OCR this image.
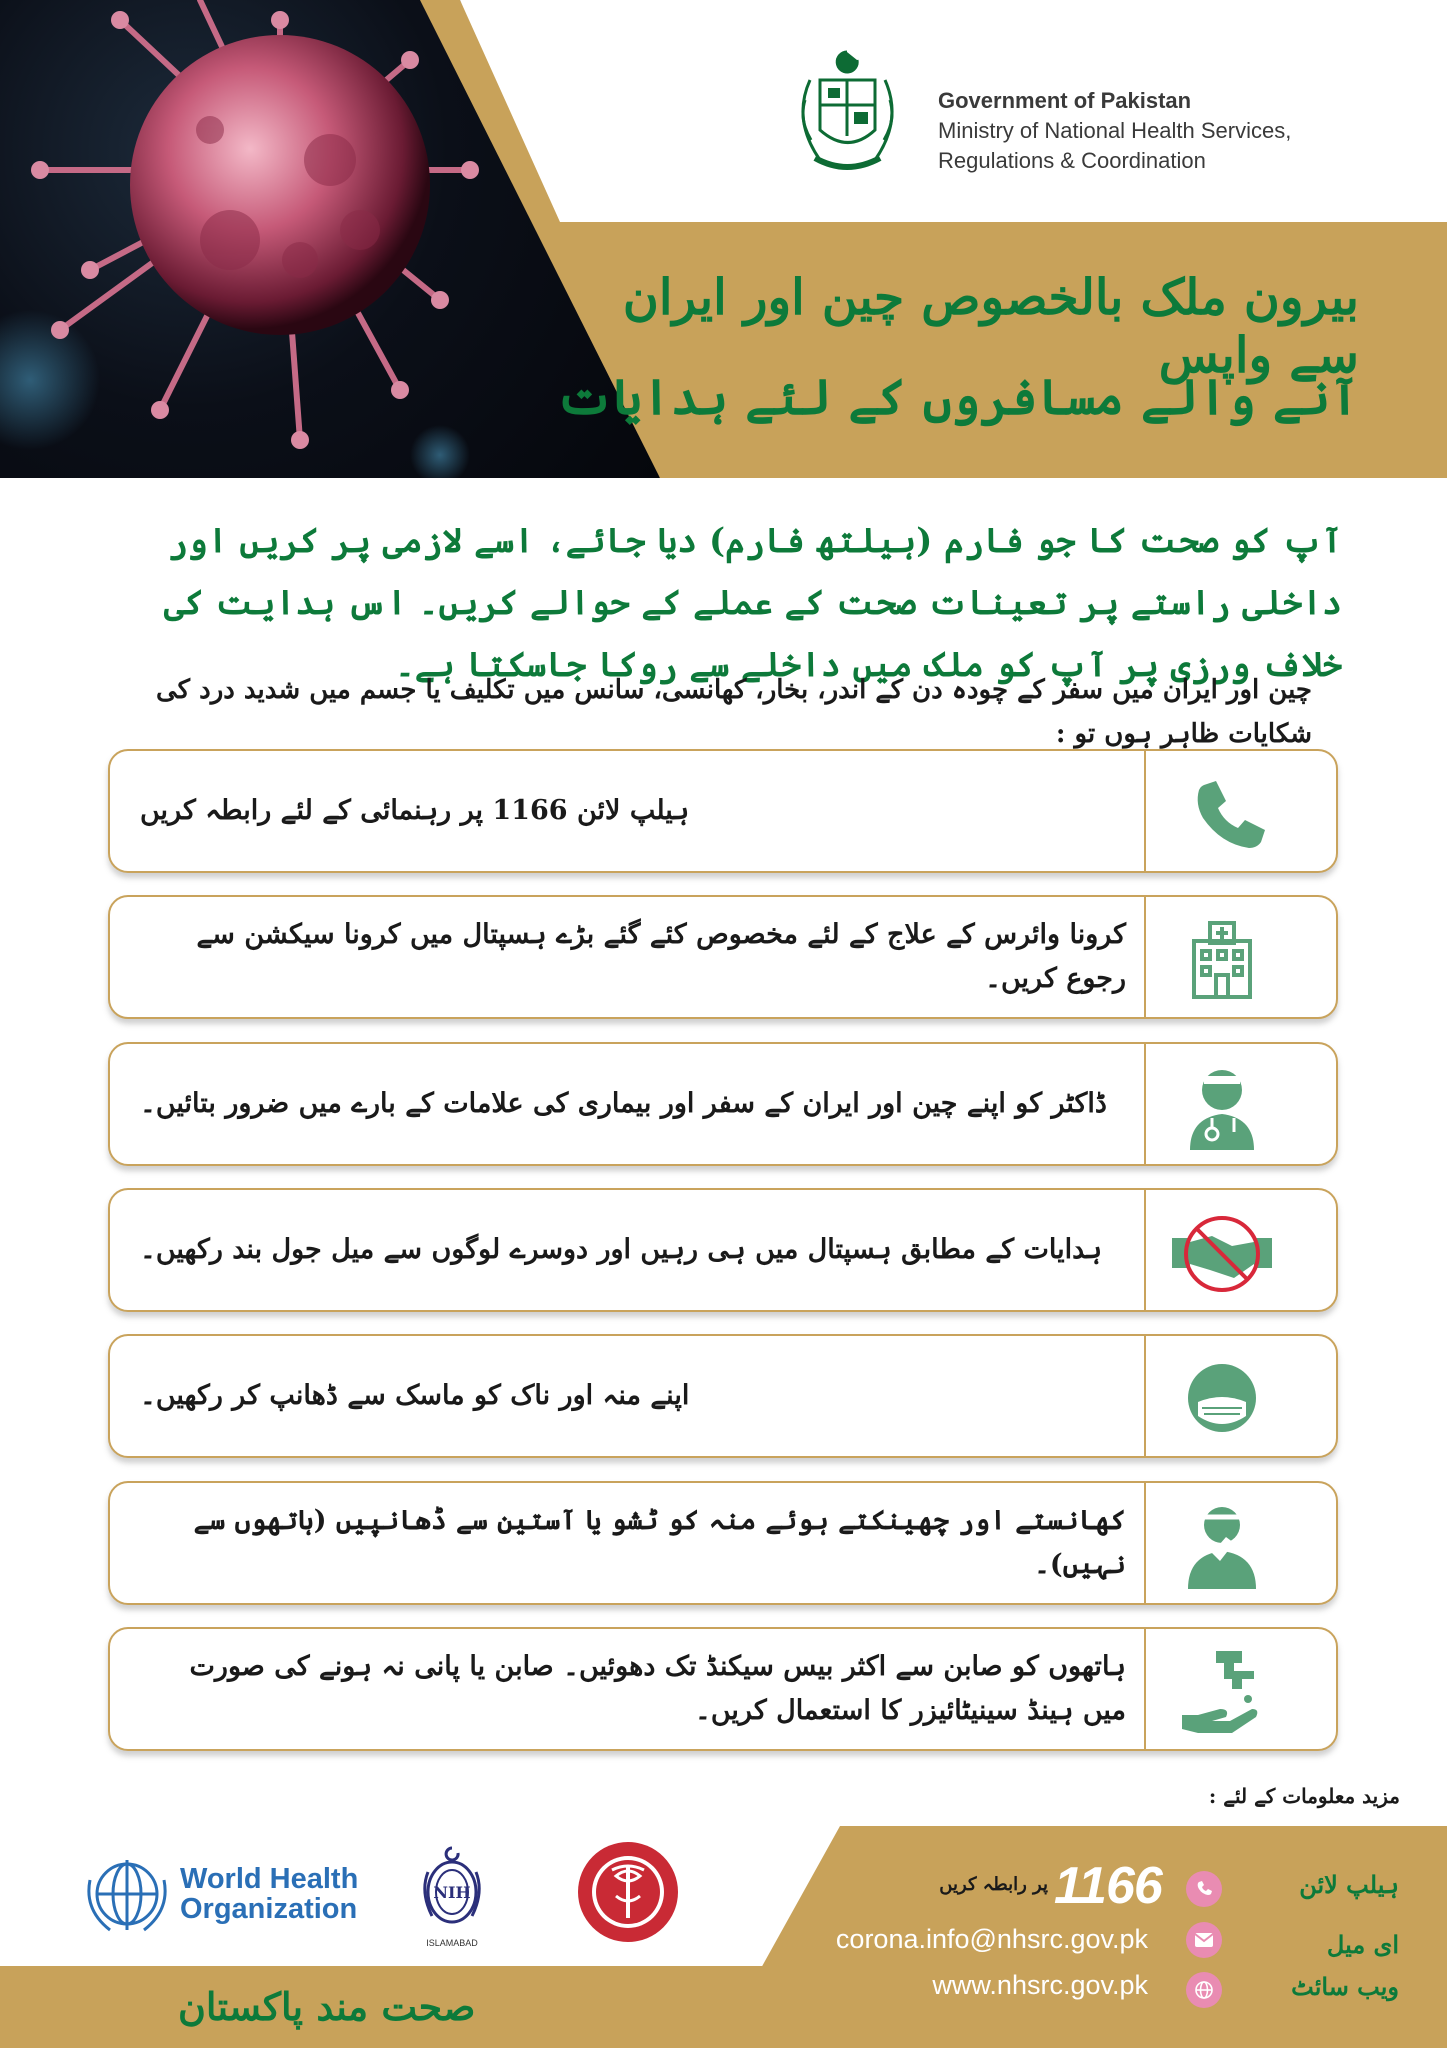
بیرون ملک بالخصوص چین اور ایران سے واپس
آنے والے مسافروں کے لئے ہدایات
Government of Pakistan
Ministry of National Health Services,
Regulations & Coordination
آپ کو صحت کا جو فارم (ہیلتھ فارم) دیا جائے، اسے لازمی پر کریں اور داخلی راستے پر تعینات صحت کے عملے کے حوالے کریں۔ اس ہدایت کی خلاف ورزی پر آپ کو ملک میں داخلے سے روکا جاسکتا ہے۔
چین اور ایران میں سفر کے چودہ دن کے اندر، بخار، کھانسی، سانس میں تکلیف یا جسم میں شدید درد کی شکایات ظاہر ہوں تو :
ہیلپ لائن 1166 پر رہنمائی کے لئے رابطہ کریں
کرونا وائرس کے علاج کے لئے مخصوص کئے گئے بڑے ہسپتال میں کرونا سیکشن سے رجوع کریں۔
ڈاکٹر کو اپنے چین اور ایران کے سفر اور بیماری کی علامات کے بارے میں ضرور بتائیں۔
ہدایات کے مطابق ہسپتال میں ہی رہیں اور دوسرے لوگوں سے میل جول بند رکھیں۔
اپنے منہ اور ناک کو ماسک سے ڈھانپ کر رکھیں۔
کھانستے اور چھینکتے ہوئے منہ کو ٹشو یا آستین سے ڈھانپیں (ہاتھوں سے نہیں)۔
ہاتھوں کو صابن سے اکثر بیس سیکنڈ تک دھوئیں۔ صابن یا پانی نہ ہونے کی صورت میں ہینڈ سینیٹائیزر کا استعمال کریں۔
مزید معلومات کے لئے :
World Health
Organization
NIH
ISLAMABAD
ہیلپ لائن
1166
پر رابطہ کریں
ای میل
corona.info@nhsrc.gov.pk
ویب سائٹ
www.nhsrc.gov.pk
صحت مند پاکستان
